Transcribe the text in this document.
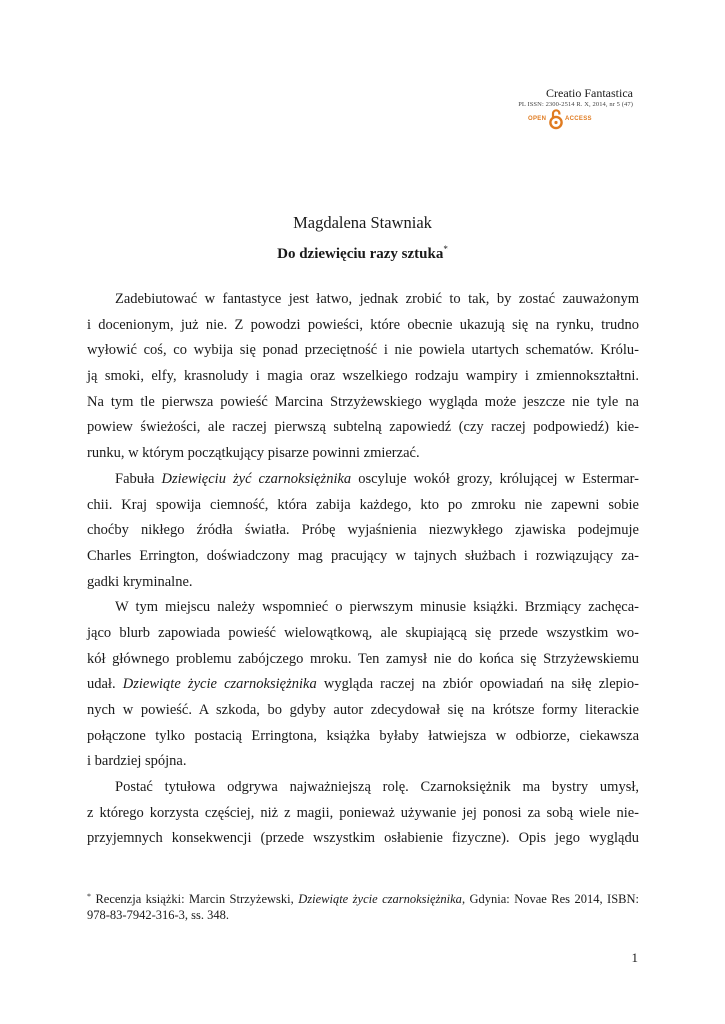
Creatio Fantastica
PL ISSN: 2300-2514 R. X, 2014, nr 5 (47)
OPEN	ACCESS
Magdalena Stawniak
Do dziewięciu razy sztuka*
Zadebiutować w fantastyce jest łatwo, jednak zrobić to tak, by zostać zauważonym
i docenionym, już nie. Z powodzi powieści, które obecnie ukazują się na rynku, trudno
wyłowić coś, co wybija się ponad przeciętność i nie powiela utartych schematów. Królu-
ją smoki, elfy, krasnoludy i magia oraz wszelkiego rodzaju wampiry i zmiennokształtni.
Na tym tle pierwsza powieść Marcina Strzyżewskiego wygląda może jeszcze nie tyle na
powiew świeżości, ale raczej pierwszą subtelną zapowiedź (czy raczej podpowiedź) kie-
runku, w którym początkujący pisarze powinni zmierzać.
Fabuła Dziewięciu żyć czarnoksiężnika oscyluje wokół grozy, królującej w Estermar-
chii. Kraj spowija ciemność, która zabija każdego, kto po zmroku nie zapewni sobie
choćby nikłego źródła światła. Próbę wyjaśnienia niezwykłego zjawiska podejmuje
Charles Errington, doświadczony mag pracujący w tajnych służbach i rozwiązujący za-
gadki kryminalne.
W tym miejscu należy wspomnieć o pierwszym minusie książki. Brzmiący zachęca-
jąco blurb zapowiada powieść wielowątkową, ale skupiającą się przede wszystkim wo-
kół głównego problemu zabójczego mroku. Ten zamysł nie do końca się Strzyżewskiemu
udał. Dziewiąte życie czarnoksiężnika wygląda raczej na zbiór opowiadań na siłę zlepio-
nych w powieść. A szkoda, bo gdyby autor zdecydował się na krótsze formy literackie
połączone tylko postacią Erringtona, książka byłaby łatwiejsza w odbiorze, ciekawsza
i bardziej spójna.
Postać tytułowa odgrywa najważniejszą rolę. Czarnoksiężnik ma bystry umysł,
z którego korzysta częściej, niż z magii, ponieważ używanie jej ponosi za sobą wiele nie-
przyjemnych konsekwencji (przede wszystkim osłabienie fizyczne). Opis jego wyglądu
* Recenzja książki: Marcin Strzyżewski, Dziewiąte życie czarnoksiężnika, Gdynia: Novae Res 2014, ISBN:
978-83-7942-316-3, ss. 348.
1
